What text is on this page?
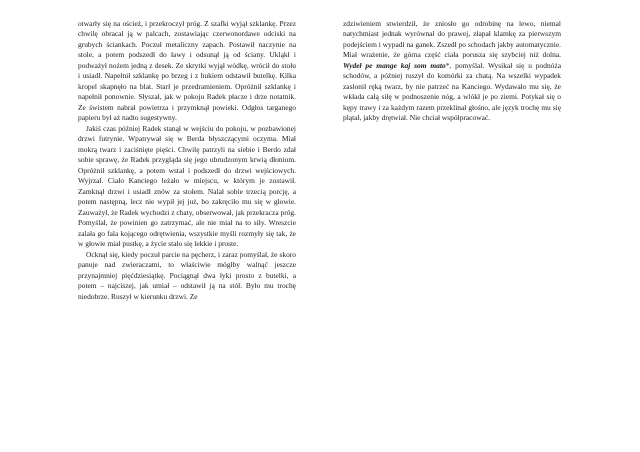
otwarły się na oścież, i przekroczył próg. Z szafki wyjął szklankę. Przez chwilę obracał ją w palcach, zostawiając czerwonordawe odciski na grubych ściankach. Poczuł metaliczny zapach. Postawił naczynie na stole, a potem podszedł do ławy i odsunął ją od ściany. Ukląkł i podważył nożem jedną z desek. Ze skrytki wyjął wódkę, wrócił do stołu i usiadł. Napełnił szklankę po brzeg i z hukiem odstawił butelkę. Kilka kropel skapnęło na blat. Starł je przedramieniem. Opróżnił szklankę i napełnił ponownie. Słyszał, jak w pokoju Radek płacze i drze notatnik. Ze świstem nabrał powietrza i przymknął powieki. Odgłos targanego papieru był aż nadto sugestywny.

Jakiś czas później Radek stanął w wejściu do pokoju, w pozbawionej drzwi futrynie. Wpatrywał się w Berda błyszczącymi oczyma. Miał mokrą twarz i zaciśnięte pięści. Chwilę patrzyli na siebie i Berdo zdał sobie sprawę, że Radek przygląda się jego ubrudzonym krwią dłoniom. Opróżnił szklankę, a potem wstał i podszedł do drzwi wejściowych. Wyjrzał. Ciało Kanciego leżało w miejscu, w którym je zostawił. Zamknął drzwi i usiadł znów za stołem. Nalał sobie trzecią porcję, a potem następną, lecz nie wypił jej już, bo zakręciło mu się w głowie. Zauważył, że Radek wychodzi z chaty, obserwował, jak przekracza próg. Pomyślał, że powinien go zatrzymać, ale nie miał na to siły. Wreszcie zalała go fala kojącego odrętwienia, wszystkie myśli rozmyły się tak, że w głowie miał pustkę, a życie stało się lekkie i proste.

Ocknął się, kiedy poczuł parcie na pęcherz, i zaraz pomyślał, że skoro panuje nad zwieraczami, to właściwie mógłby walnąć jeszcze przynajmniej pięćdziesiątkę. Pociągnął dwa łyki prosto z butelki, a potem – najciszej, jak umiał – odstawił ją na stół. Było mu trochę niedobrze. Ruszył w kierunku drzwi. Ze

zdziwieniem stwierdził, że zniosło go odrobinę na lewo, niemal natychmiast jednak wyrównał do prawej, złapał klamkę za pierwszym podejściem i wypadł na ganek. Zszedł po schodach jakby automatycznie. Miał wrażenie, że górna część ciała porusza się szybciej niż dolna. Wydeł pe mange kaj som mato*, pomyślał. Wysikał się u podnóża schodów, a później ruszył do komórki za chatą. Na wszelki wypadek zasłonił ręką twarz, by nie patrzeć na Kanciego. Wydawało mu się, że wkłada całą siłę w podnoszenie nóg, a wlókł je po ziemi. Potykał się o kępy trawy i za każdym razem przeklinał głośno, ale język trochę mu się plątał, jakby drętwiał. Nie chciał współpracować.
